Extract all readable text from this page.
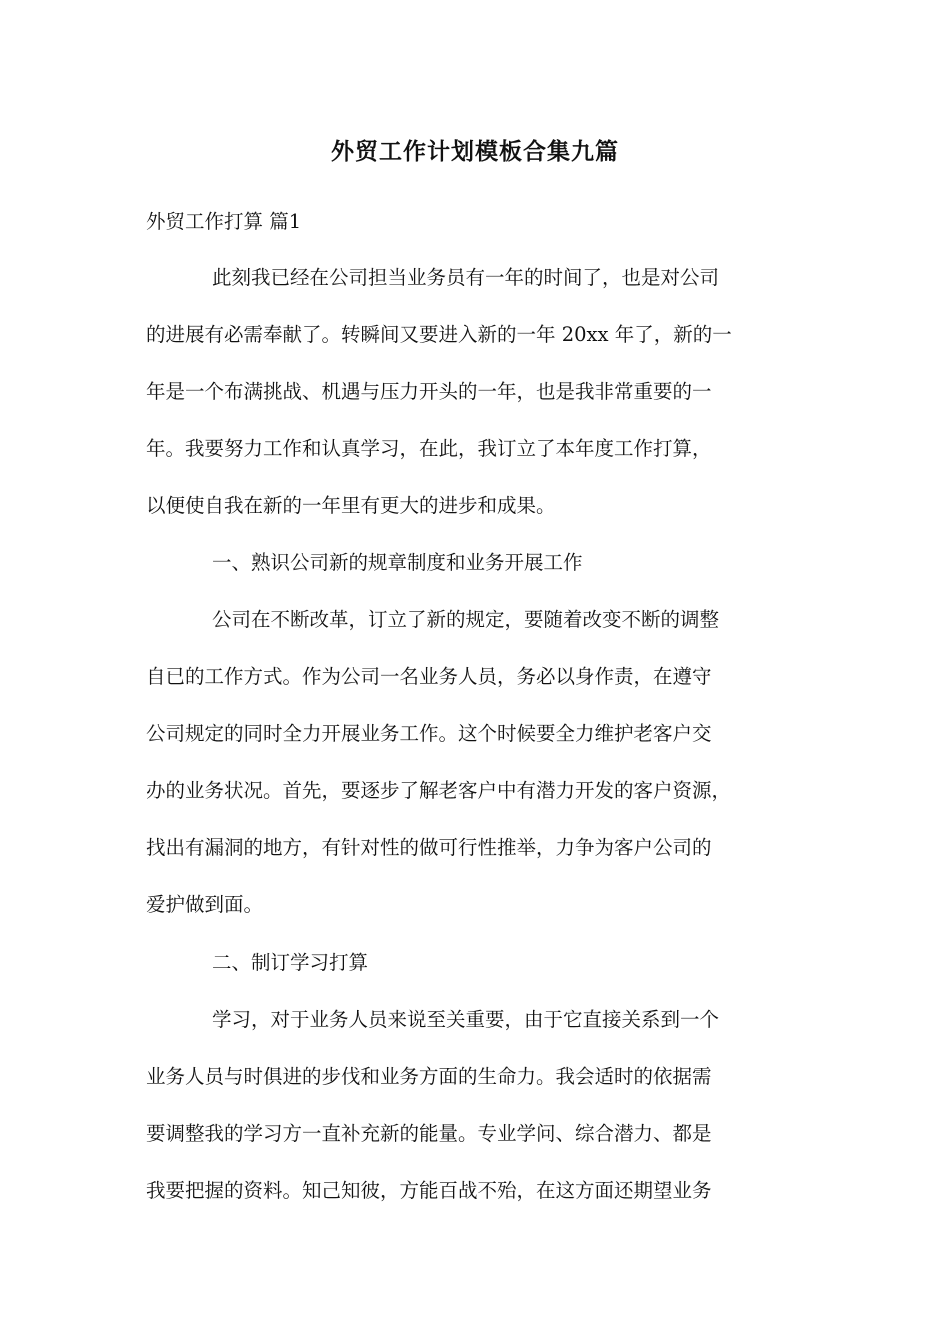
外贸工作计划模板合集九篇
外贸工作打算 篇1
此刻我已经在公司担当业务员有一年的时间了，也是对公司
的进展有必需奉献了。转瞬间又要进入新的一年 20xx 年了，新的一
年是一个布满挑战、机遇与压力开头的一年，也是我非常重要的一
年。我要努力工作和认真学习，在此，我订立了本年度工作打算，
以便使自我在新的一年里有更大的进步和成果。
一、熟识公司新的规章制度和业务开展工作
公司在不断改革，订立了新的规定，要随着改变不断的调整
自已的工作方式。作为公司一名业务人员，务必以身作责，在遵守
公司规定的同时全力开展业务工作。这个时候要全力维护老客户交
办的业务状况。首先，要逐步了解老客户中有潜力开发的客户资源，
找出有漏洞的地方，有针对性的做可行性推举，力争为客户公司的
爱护做到面。
二、制订学习打算
学习，对于业务人员来说至关重要，由于它直接关系到一个
业务人员与时俱进的步伐和业务方面的生命力。我会适时的依据需
要调整我的学习方一直补充新的能量。专业学问、综合潜力、都是
我要把握的资料。知己知彼，方能百战不殆，在这方面还期望业务
